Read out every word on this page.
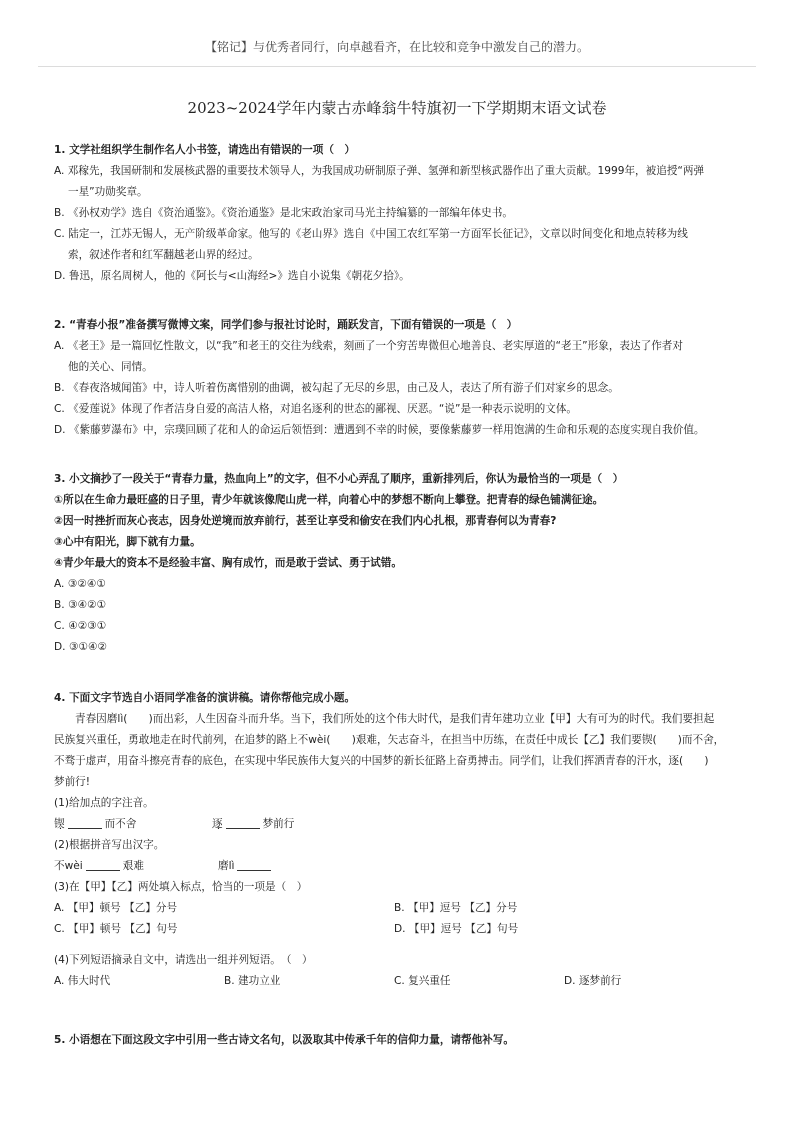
【铭记】与优秀者同行，向卓越看齐，在比较和竞争中激发自己的潜力。
2023~2024学年内蒙古赤峰翁牛特旗初一下学期期末语文试卷
1. 文学社组织学生制作名人小书签，请选出有错误的一项（　）
A. 邓稼先，我国研制和发展核武器的重要技术领导人，为我国成功研制原子弹、氢弹和新型核武器作出了重大贡献。1999年，被追授“两弹
一星”功勋奖章。
B. 《孙权劝学》选自《资治通鉴》。《资治通鉴》是北宋政治家司马光主持编纂的一部编年体史书。
C. 陆定一，江苏无锡人，无产阶级革命家。他写的《老山界》选自《中国工农红军第一方面军长征记》，文章以时间变化和地点转移为线
索，叙述作者和红军翻越老山界的经过。
D. 鲁迅，原名周树人，他的《阿长与<山海经>》选自小说集《朝花夕拾》。
2. “青春小报”准备撰写微博文案，同学们参与报社讨论时，踊跃发言，下面有错误的一项是（　）
A. 《老王》是一篇回忆性散文，以“我”和老王的交往为线索，刻画了一个穷苦卑微但心地善良、老实厚道的“老王”形象，表达了作者对
他的关心、同情。
B. 《春夜洛城闻笛》中，诗人听着伤离惜别的曲调，被勾起了无尽的乡思，由己及人，表达了所有游子们对家乡的思念。
C. 《爱莲说》体现了作者洁身自爱的高洁人格，对追名逐利的世态的鄙视、厌恶。“说”是一种表示说明的文体。
D. 《紫藤萝瀑布》中，宗璞回顾了花和人的命运后领悟到：遭遇到不幸的时候，要像紫藤萝一样用饱满的生命和乐观的态度实现自我价值。
3. 小文摘抄了一段关于“青春力量，热血向上”的文字，但不小心弄乱了顺序，重新排列后，你认为最恰当的一项是（　）
①所以在生命力最旺盛的日子里，青少年就该像爬山虎一样，向着心中的梦想不断向上攀登。把青春的绿色铺满征途。
②因一时挫折而灰心丧志，因身处逆境而放弃前行，甚至让享受和偷安在我们内心扎根，那青春何以为青春?
③心中有阳光，脚下就有力量。
④青少年最大的资本不是经验丰富、胸有成竹，而是敢于尝试、勇于试错。
A. ③②④①
B. ③④②①
C. ④②③①
D. ③①④②
4. 下面文字节选自小语同学准备的演讲稿。请你帮他完成小题。
青春因磨lì(　　)而出彩，人生因奋斗而升华。当下，我们所处的这个伟大时代，是我们青年建功立业【甲】大有可为的时代。我们要担起
民族复兴重任，勇敢地走在时代前列，在追梦的路上不wèi(　　)艰难，矢志奋斗，在担当中历练，在责任中成长【乙】我们要锲(　　)而不舍，
不骛于虚声，用奋斗擦亮青春的底色，在实现中华民族伟大复兴的中国梦的新长征路上奋勇搏击。同学们，让我们挥洒青春的汗水，逐(　　)
梦前行!
(1)给加点的字注音。
锲 ·	而不舍	逐 ·	梦前行
(2)根据拼音写出汉字。
不wèi	艰难	磨lì
(3)在【甲】【乙】两处填入标点，恰当的一项是（　）
A. 【甲】顿号 【乙】分号	B. 【甲】逗号 【乙】分号
C. 【甲】顿号 【乙】句号	D. 【甲】逗号 【乙】句号
(4)下列短语摘录自文中，请选出一组并列短语。　（　）
A. 伟大时代	B. 建功立业	C. 复兴重任	D. 逐梦前行
5. 小语想在下面这段文字中引用一些古诗文名句，以汲取其中传承千年的信仰力量，请帮他补写。
